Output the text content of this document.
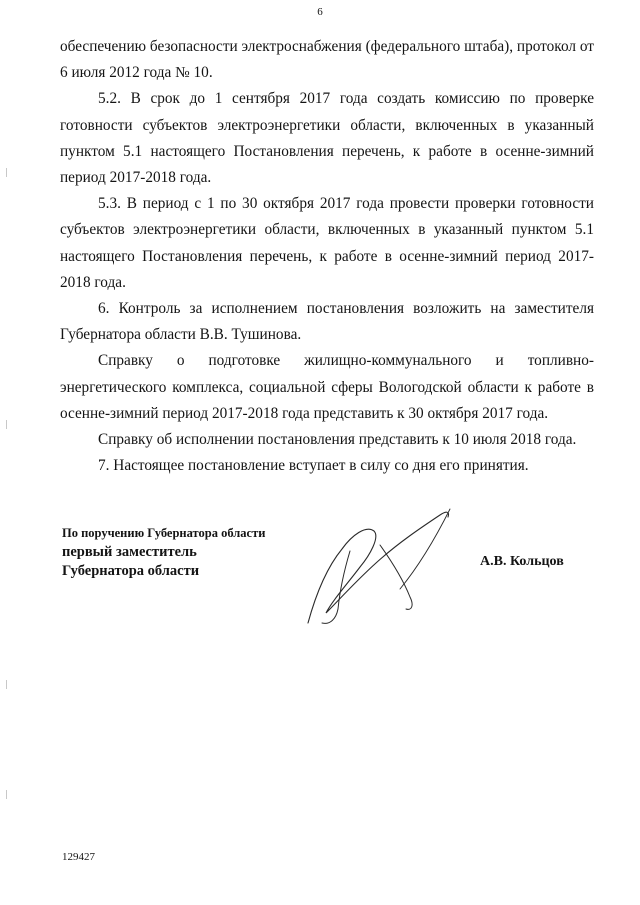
6

обеспечению безопасности электроснабжения (федерального штаба), протокол от 6 июля 2012 года № 10.

5.2. В срок до 1 сентября 2017 года создать комиссию по проверке готовности субъектов электроэнергетики области, включенных в указанный пунктом 5.1 настоящего Постановления перечень, к работе в осенне-зимний период 2017-2018 года.

5.3. В период с 1 по 30 октября 2017 года провести проверки готовности субъектов электроэнергетики области, включенных в указанный пунктом 5.1 настоящего Постановления перечень, к работе в осенне-зимний период 2017-2018 года.

6. Контроль за исполнением постановления возложить на заместителя Губернатора области В.В. Тушинова.

Справку о подготовке жилищно-коммунального и топливно-энергетического комплекса, социальной сферы Вологодской области к работе в осенне-зимний период 2017-2018 года представить к 30 октября 2017 года.

Справку об исполнении постановления представить к 10 июля 2018 года.

7. Настоящее постановление вступает в силу со дня его принятия.

По поручению Губернатора области
первый заместитель
Губернатора области
А.В. Кольцов
129427
